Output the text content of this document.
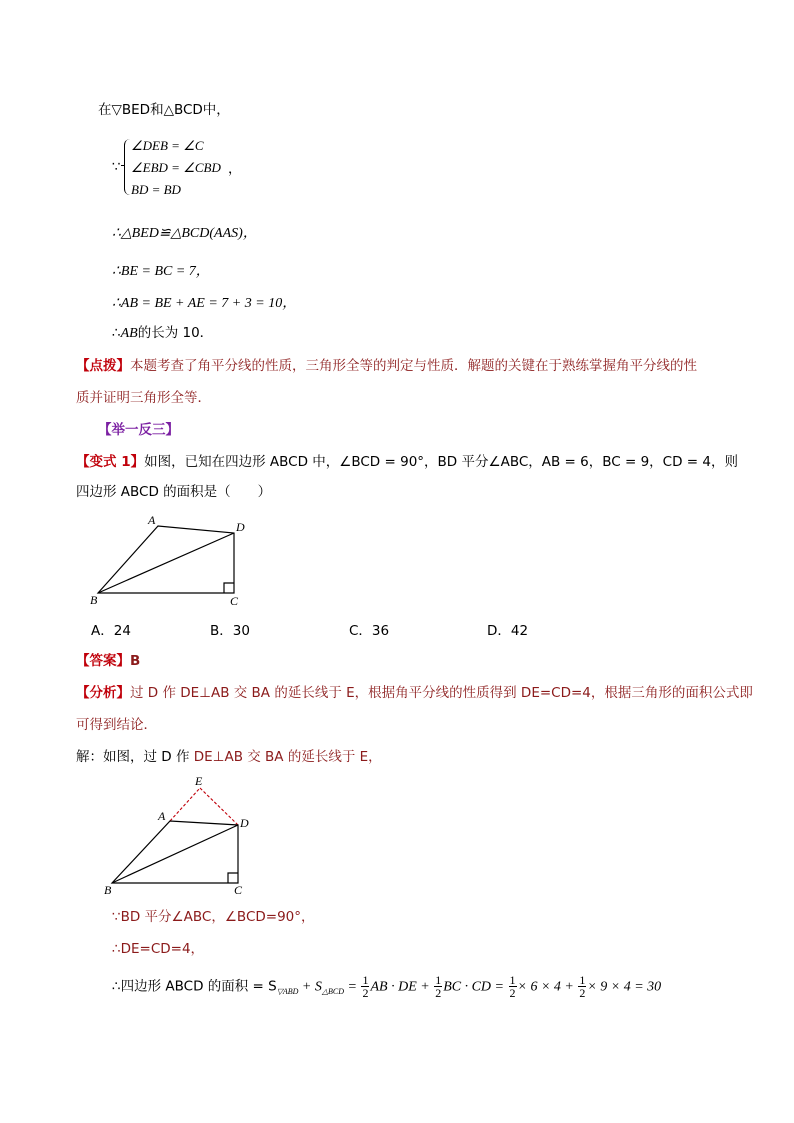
在▽BED和△BCD中，
∵
∠DEB = ∠C
∠EBD = ∠CBD
BD = BD
，
∴△BED≌△BCD(AAS)，
∴BE = BC = 7，
∴AB = BE + AE = 7 + 3 = 10，
∴AB的长为 10．
【点拨】本题考查了角平分线的性质，三角形全等的判定与性质．解题的关键在于熟练掌握角平分线的性
质并证明三角形全等．
【举一反三】
【变式 1】如图，已知在四边形 ABCD 中，∠BCD = 90°，BD 平分∠ABC，AB = 6，BC = 9，CD = 4，则
四边形 ABCD 的面积是（　　）
A	D
B	C
A．24	B．30	C．36	D．42
【答案】B
【分析】过 D 作 DE⊥AB 交 BA 的延长线于 E，根据角平分线的性质得到 DE=CD=4，根据三角形的面积公式即
可得到结论．
解：如图，过 D 作 DE⊥AB 交 BA 的延长线于 E，
E
A	D
B	C
∵BD 平分∠ABC，∠BCD=90°，
∴DE=CD=4，
∴四边形 ABCD 的面积 = $S_{▽ABD} + S_{\triangle BCD} = \frac{1}{2}$ AB · DE + $\frac{1}{2}$ BC · CD = $\frac{1}{2} \times 6 \times 4 + \frac{1}{2} \times 9 \times 4 = 30$
